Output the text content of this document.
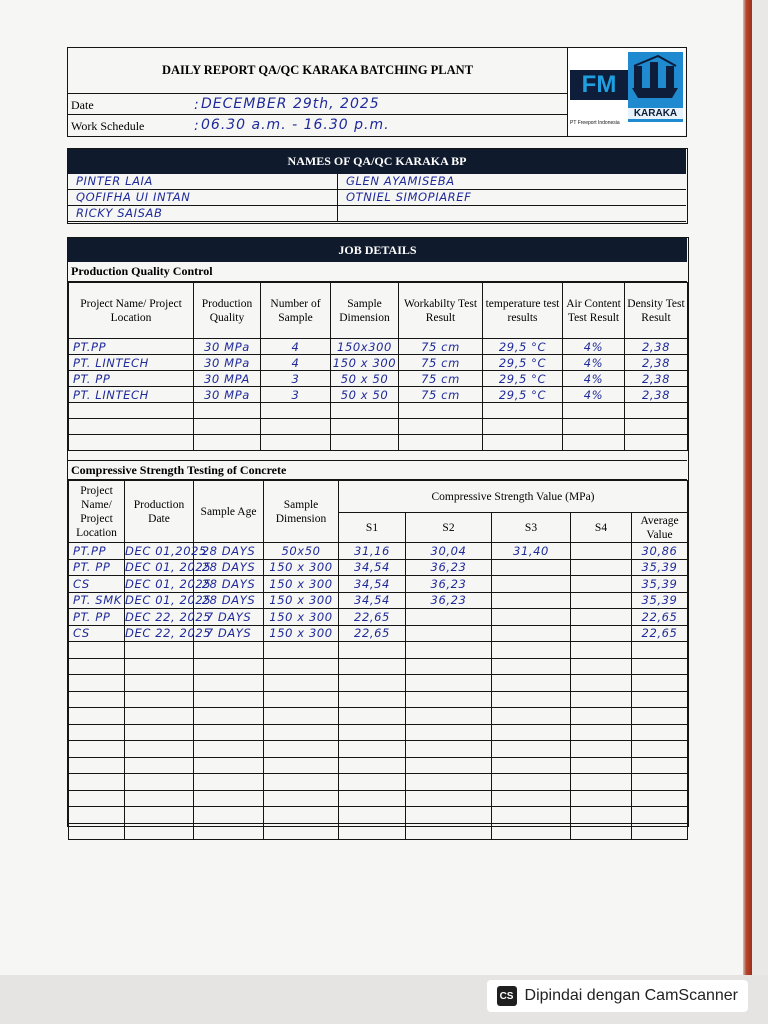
DAILY REPORT QA/QC KARAKA BATCHING PLANT
Date	: DECEMBER 29th, 2025
Work Schedule	: 06.30 a.m. - 16.30 p.m.
FM
KARAKA
PT Freeport Indonesia
NAMES OF QA/QC KARAKA BP
PINTER LAIA	GLEN AYAMISEBA
QOFIFHA UI INTAN	OTNIEL SIMOPIAREF
RICKY SAISAB
JOB DETAILS
Production Quality Control
Project Name/ Project Location	Production Quality	Number of Sample	Sample Dimension	Workabilty Test Result	temperature test results	Air Content Test Result	Density Test Result
PT.PP	30 MPa	4	150x300	75 cm	29,5 °C	4%	2,38
PT. LINTECH	30 MPa	4	150 x 300	75 cm	29,5 °C	4%	2,38
PT. PP	30 MPA	3	50 x 50	75 cm	29,5 °C	4%	2,38
PT. LINTECH	30 MPa	3	50 x 50	75 cm	29,5 °C	4%	2,38

Compressive Strength Testing of Concrete
Project Name/ Project Location	Production Date	Sample Age	Sample Dimension	Compressive Strength Value (MPa)				
				S1	S2	S3	S4	Average Value
PT.PP	DEC 01,2025	28 DAYS	50x50	31,16	30,04	31,40		30,86
PT. PP	DEC 01, 2025	28 DAYS	150 x 300	34,54	36,23			35,39
CS	DEC 01, 2025	28 DAYS	150 x 300	34,54	36,23			35,39
PT. SMK	DEC 01, 2025	28 DAYS	150 x 300	34,54	36,23			35,39
PT. PP	DEC 22, 2025	7 DAYS	150 x 300	22,65				22,65
CS	DEC 22, 2025	7 DAYS	150 x 300	22,65				22,65

CS Dipindai dengan CamScanner
